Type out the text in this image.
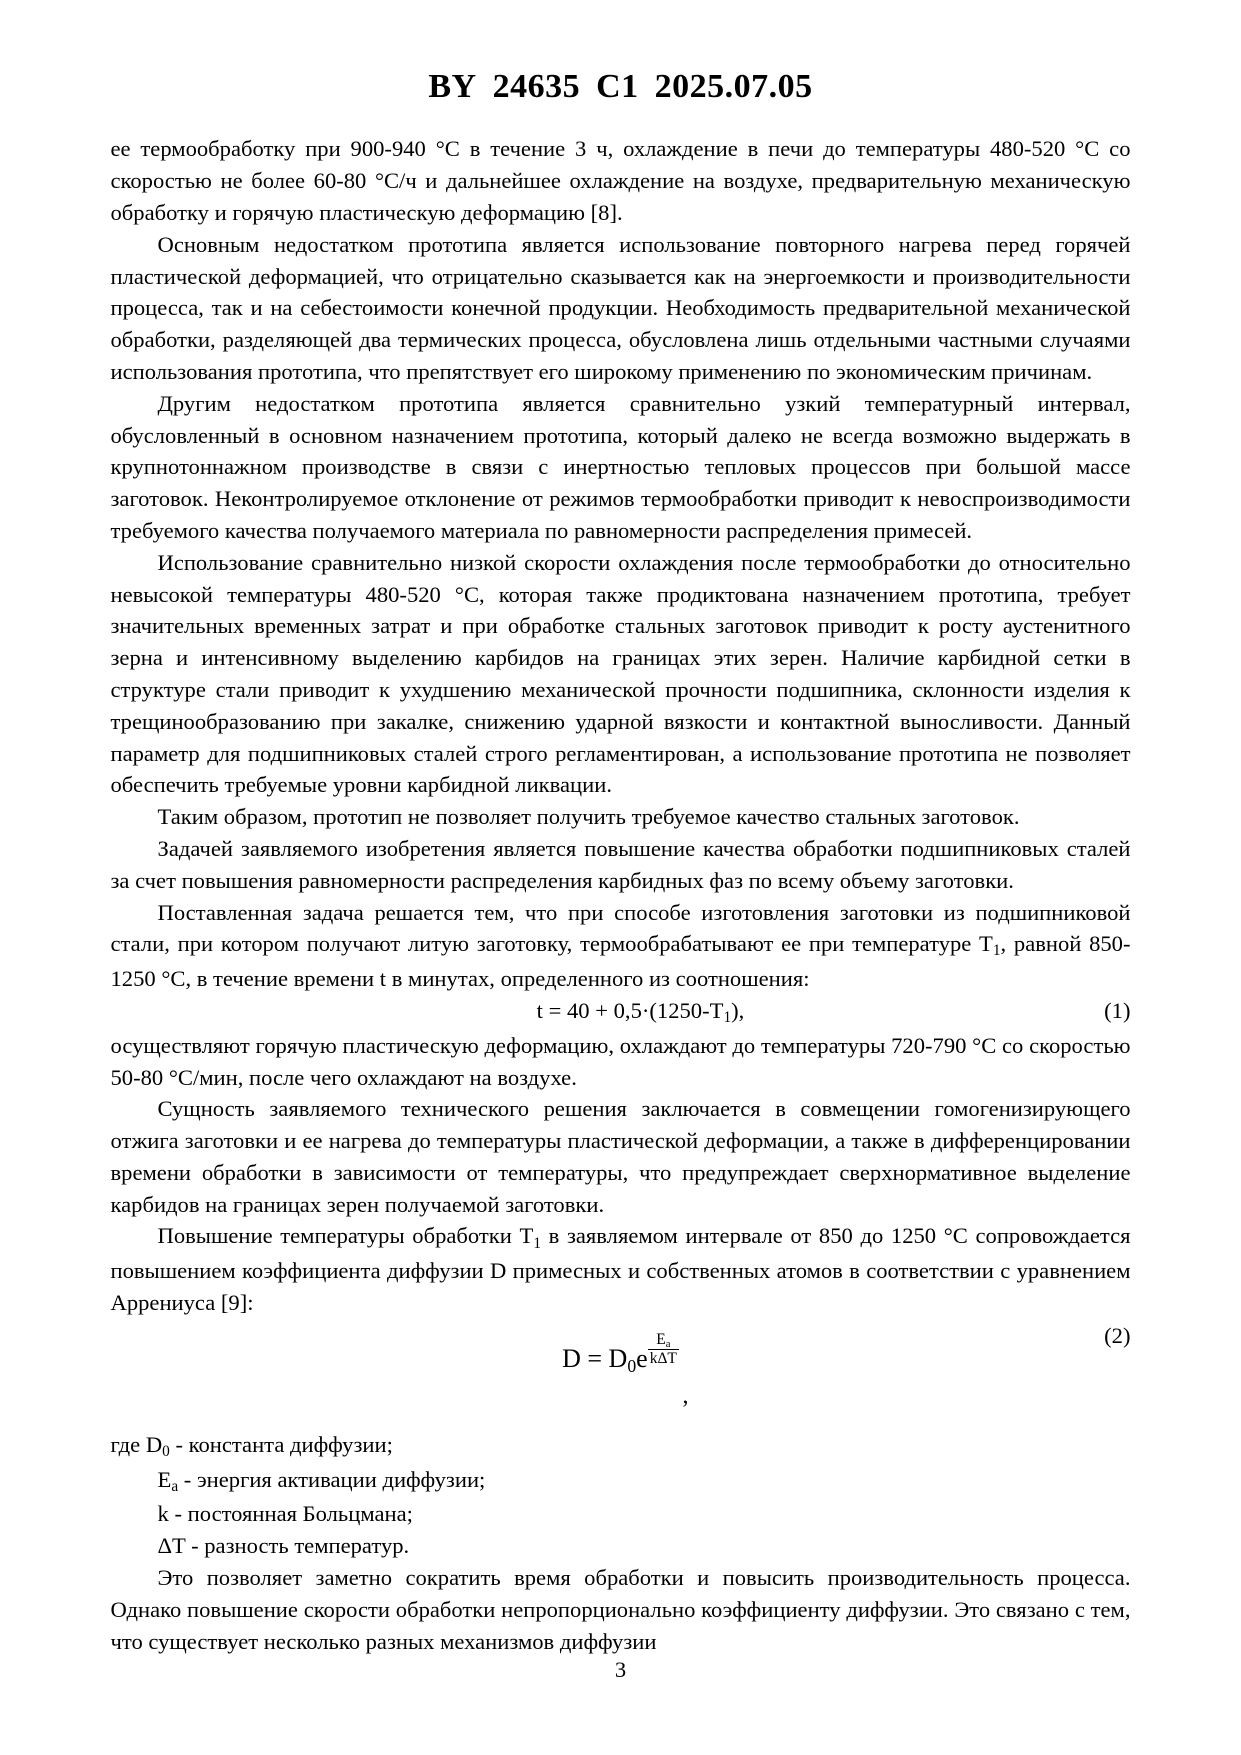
BY 24635 C1 2025.07.05

ее термообработку при 900-940 °С в течение 3 ч, охлаждение в печи до температуры 480-520 °С со скоростью не более 60-80 °С/ч и дальнейшее охлаждение на воздухе, предварительную механическую обработку и горячую пластическую деформацию [8].

Основным недостатком прототипа является использование повторного нагрева перед горячей пластической деформацией, что отрицательно сказывается как на энергоемкости и производительности процесса, так и на себестоимости конечной продукции. Необходимость предварительной механической обработки, разделяющей два термических процесса, обусловлена лишь отдельными частными случаями использования прототипа, что препятствует его широкому применению по экономическим причинам.

Другим недостатком прототипа является сравнительно узкий температурный интервал, обусловленный в основном назначением прототипа, который далеко не всегда возможно выдержать в крупнотоннажном производстве в связи с инертностью тепловых процессов при большой массе заготовок. Неконтролируемое отклонение от режимов термообработки приводит к невоспроизводимости требуемого качества получаемого материала по равномерности распределения примесей.

Использование сравнительно низкой скорости охлаждения после термообработки до относительно невысокой температуры 480-520 °С, которая также продиктована назначением прототипа, требует значительных временных затрат и при обработке стальных заготовок приводит к росту аустенитного зерна и интенсивному выделению карбидов на границах этих зерен. Наличие карбидной сетки в структуре стали приводит к ухудшению механической прочности подшипника, склонности изделия к трещинообразованию при закалке, снижению ударной вязкости и контактной выносливости. Данный параметр для подшипниковых сталей строго регламентирован, а использование прототипа не позволяет обеспечить требуемые уровни карбидной ликвации.

Таким образом, прототип не позволяет получить требуемое качество стальных заготовок.

Задачей заявляемого изобретения является повышение качества обработки подшипниковых сталей за счет повышения равномерности распределения карбидных фаз по всему объему заготовки.

Поставленная задача решается тем, что при способе изготовления заготовки из подшипниковой стали, при котором получают литую заготовку, термообрабатывают ее при температуре $Т_1$, равной 850-1250 °С, в течение времени t в минутах, определенного из соотношения:

$t = 40 + 0,5\cdot(1250-Т_1)$,	(1)

осуществляют горячую пластическую деформацию, охлаждают до температуры 720-790 °С со скоростью 50-80 °С/мин, после чего охлаждают на воздухе.

Сущность заявляемого технического решения заключается в совмещении гомогенизирующего отжига заготовки и ее нагрева до температуры пластической деформации, а также в дифференцировании времени обработки в зависимости от температуры, что предупреждает сверхнормативное выделение карбидов на границах зерен получаемой заготовки.

Повышение температуры обработки $Т_1$ в заявляемом интервале от 850 до 1250 °С сопровождается повышением коэффициента диффузии D примесных и собственных атомов в соответствии с уравнением Аррениуса [9]:

(2)
$D = D_0e \frac{E_a}{\text{kΔT}}$
,
где $D_0$ - константа диффузии;
$E_a$ - энергия активации диффузии;
k - постоянная Больцмана;
ΔT - разность температур.

Это позволяет заметно сократить время обработки и повысить производительность процесса. Однако повышение скорости обработки непропорционально коэффициенту диффузии. Это связано с тем, что существует несколько разных механизмов диффузии

3
